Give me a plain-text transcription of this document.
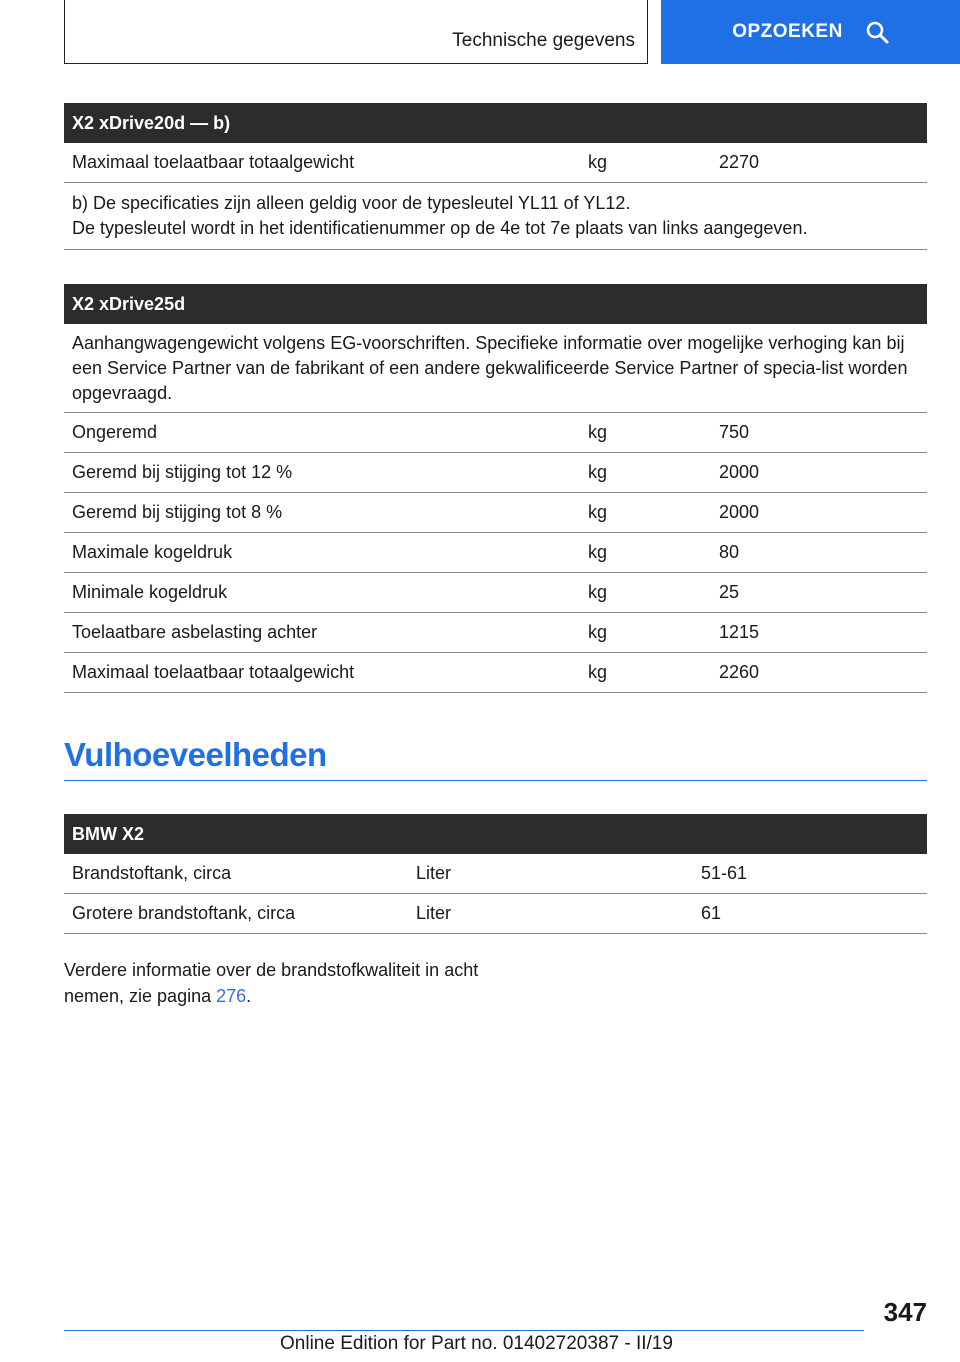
Technische gegevens	OPZOEKEN
X2 xDrive20d — b)
Maximaal toelaatbaar totaalgewicht	kg	2270

b) De specificaties zijn alleen geldig voor de typesleutel YL11 of YL12.

De typesleutel wordt in het identificatienummer op de 4e tot 7e plaats van links aangegeven.

X2 xDrive25d

Aanhangwagengewicht volgens EG-voorschriften. Specifieke informatie over mogelijke verhoging kan bij een Service Partner van de fabrikant of een andere gekwalificeerde Service Partner of specia-list worden opgevraagd.

Ongeremd	kg	750
Geremd bij stijging tot 12 %	kg	2000
Geremd bij stijging tot 8 %	kg	2000
Maximale kogeldruk	kg	80
Minimale kogeldruk	kg	25
Toelaatbare asbelasting achter	kg	1215
Maximaal toelaatbaar totaalgewicht	kg	2260
Vulhoeveelheden
BMW X2
Brandstoftank, circa	Liter	51-61
Grotere brandstoftank, circa	Liter	61
Verdere informatie over de brandstofkwaliteit in acht nemen, zie pagina 276.
347
Online Edition for Part no. 01402720387 - II/19
